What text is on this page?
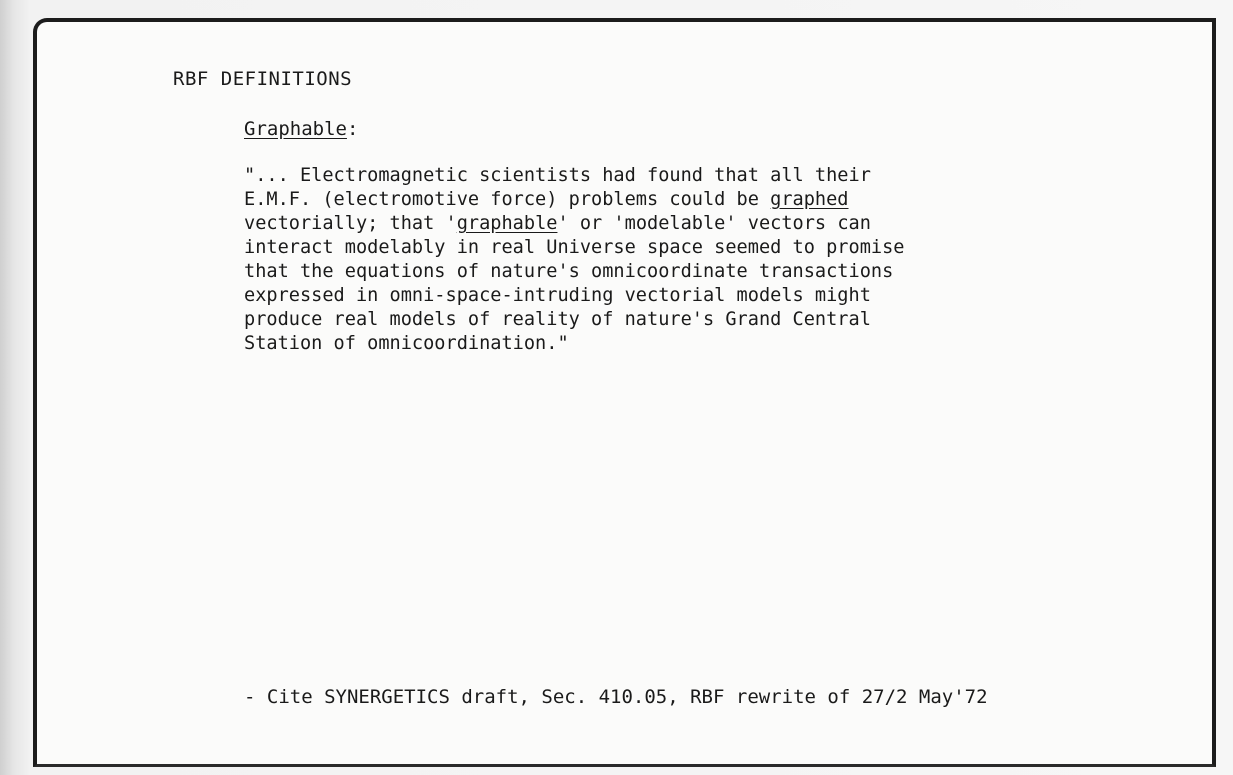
RBF DEFINITIONS
Graphable:
"... Electromagnetic scientists had found that all their
E.M.F. (electromotive force) problems could be graphed
vectorially; that 'graphable' or 'modelable' vectors can
interact modelably in real Universe space seemed to promise
that the equations of nature's omnicoordinate transactions
expressed in omni-space-intruding vectorial models might
produce real models of reality of nature's Grand Central
Station of omnicoordination."

- Cite SYNERGETICS draft, Sec. 410.05, RBF rewrite of 27/2 May'72
